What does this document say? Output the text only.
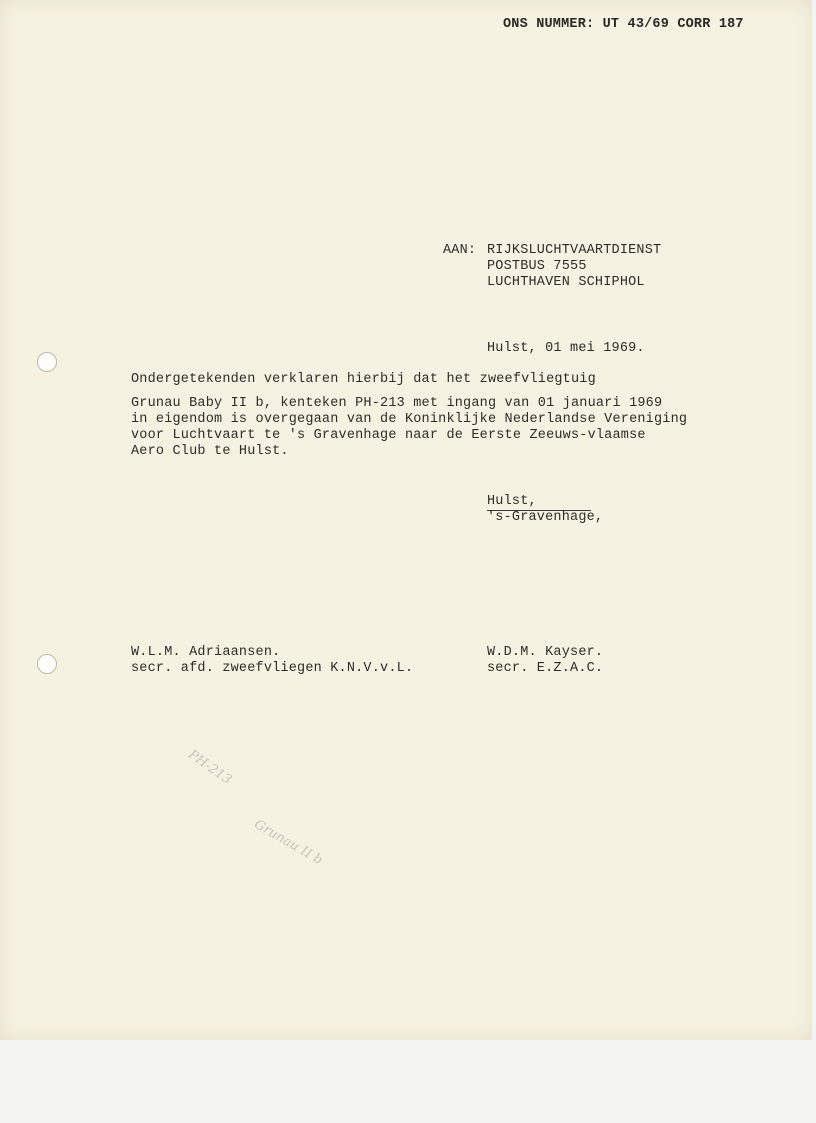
ONS NUMMER: UT 43/69 CORR 187
AAN: RIJKSLUCHTVAARTDIENST
POSTBUS 7555
LUCHTHAVEN SCHIPHOL
Hulst, 01 mei 1969.
Ondergetekenden verklaren hierbij dat het zweefvliegtuig
Grunau Baby II b, kenteken PH-213 met ingang van 01 januari 1969
in eigendom is overgegaan van de Koninklijke Nederlandse Vereniging
voor Luchtvaart te 's Gravenhage naar de Eerste Zeeuws-vlaamse
Aero Club te Hulst.
Hulst,
's-Gravenhage,
W.L.M. Adriaansen.
secr. afd. zweefvliegen K.N.V.v.L.
W.D.M. Kayser.
secr. E.Z.A.C.
PH-213
Grunau II b
